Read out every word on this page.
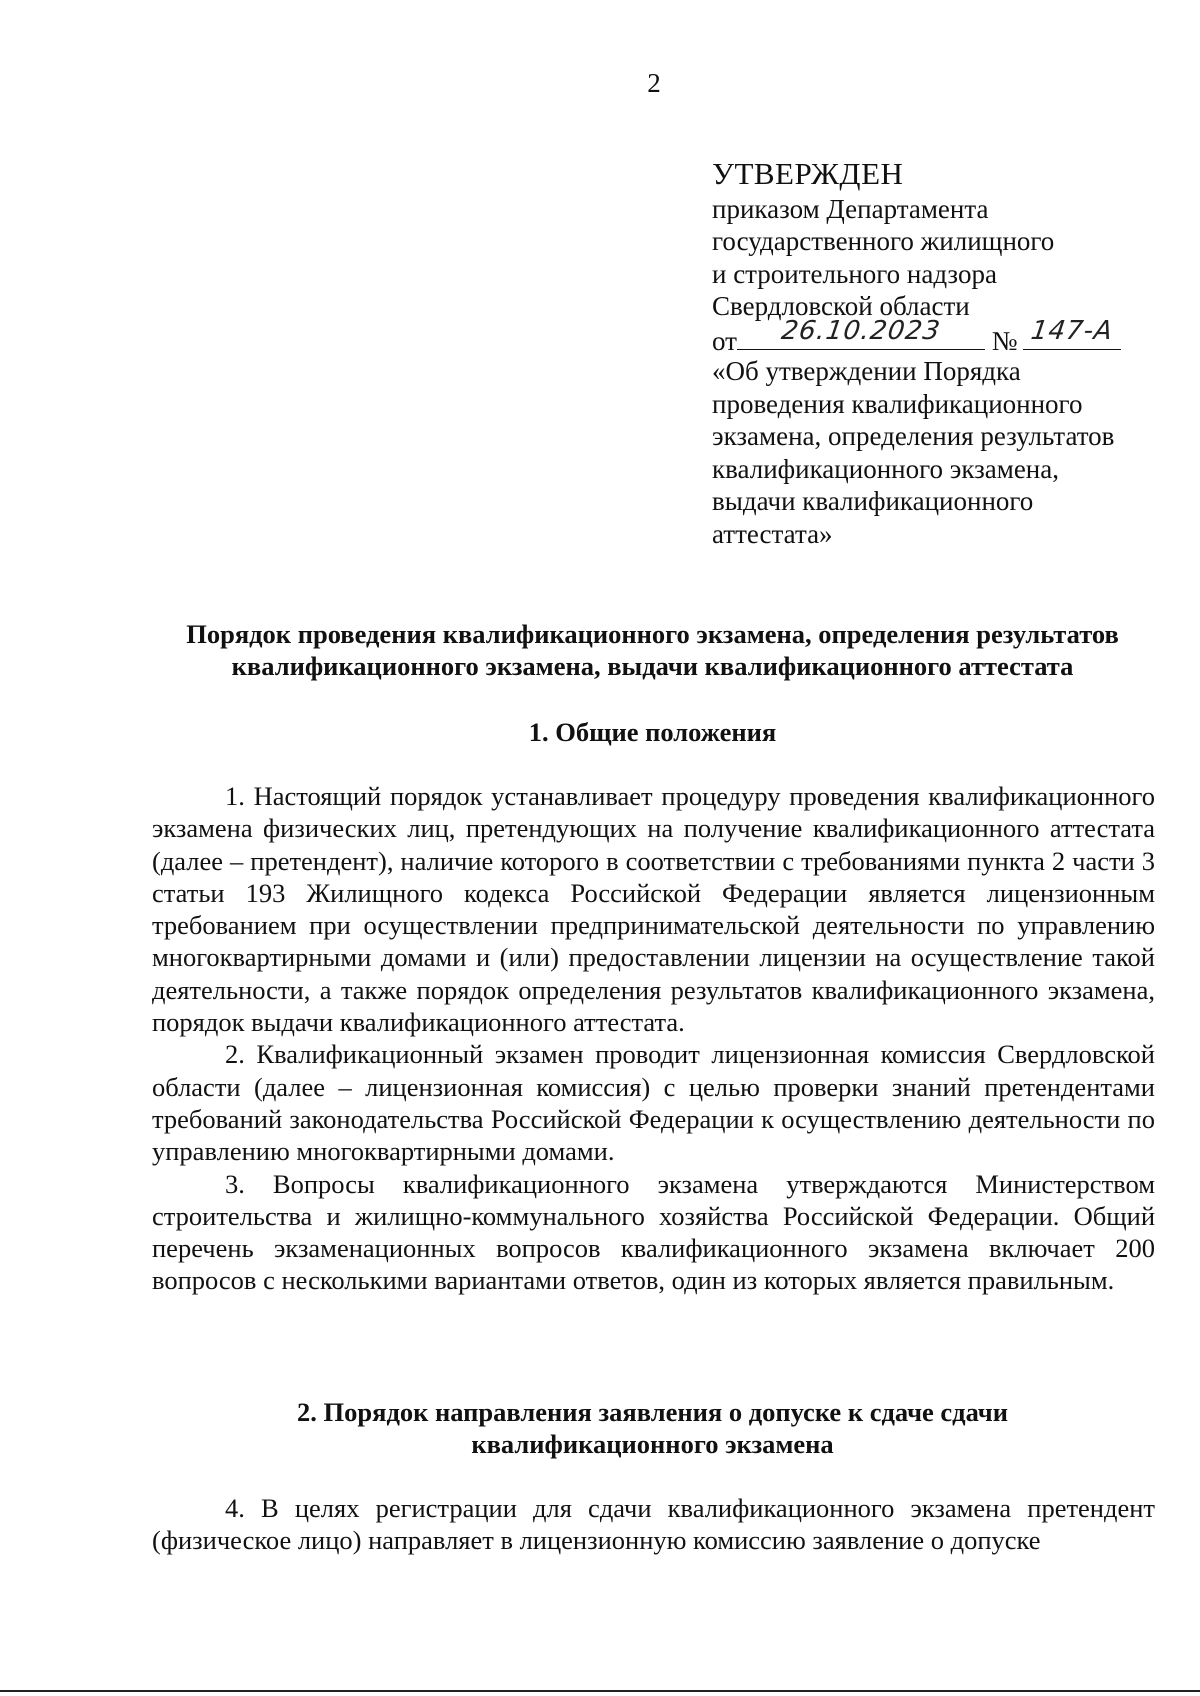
2
УТВЕРЖДЕН
приказом Департамента
государственного жилищного
и строительного надзора
Свердловской области
от	26.10.2023	№ 147-А
«Об утверждении Порядка
проведения квалификационного
экзамена, определения результатов
квалификационного экзамена,
выдачи квалификационного
аттестата»
Порядок проведения квалификационного экзамена, определения результатов
квалификационного экзамена, выдачи квалификационного аттестата
1. Общие положения

1. Настоящий порядок устанавливает процедуру проведения квалификационного экзамена физических лиц, претендующих на получение квалификационного аттестата (далее – претендент), наличие которого в соответствии с требованиями пункта 2 части 3 статьи 193 Жилищного кодекса Российской Федерации является лицензионным требованием при осуществлении предпринимательской деятельности по управлению многоквартирными домами и (или) предоставлении лицензии на осуществление такой деятельности, а также порядок определения результатов квалификационного экзамена, порядок выдачи квалификационного аттестата.

2. Квалификационный экзамен проводит лицензионная комиссия Свердловской области (далее – лицензионная комиссия) с целью проверки знаний претендентами требований законодательства Российской Федерации к осуществлению деятельности по управлению многоквартирными домами.

3. Вопросы квалификационного экзамена утверждаются Министерством строительства и жилищно-коммунального хозяйства Российской Федерации. Общий перечень экзаменационных вопросов квалификационного экзамена включает 200 вопросов с несколькими вариантами ответов, один из которых является правильным.

2. Порядок направления заявления о допуске к сдаче сдачи
квалификационного экзамена

4. В целях регистрации для сдачи квалификационного экзамена претендент (физическое лицо) направляет в лицензионную комиссию заявление о допуске
